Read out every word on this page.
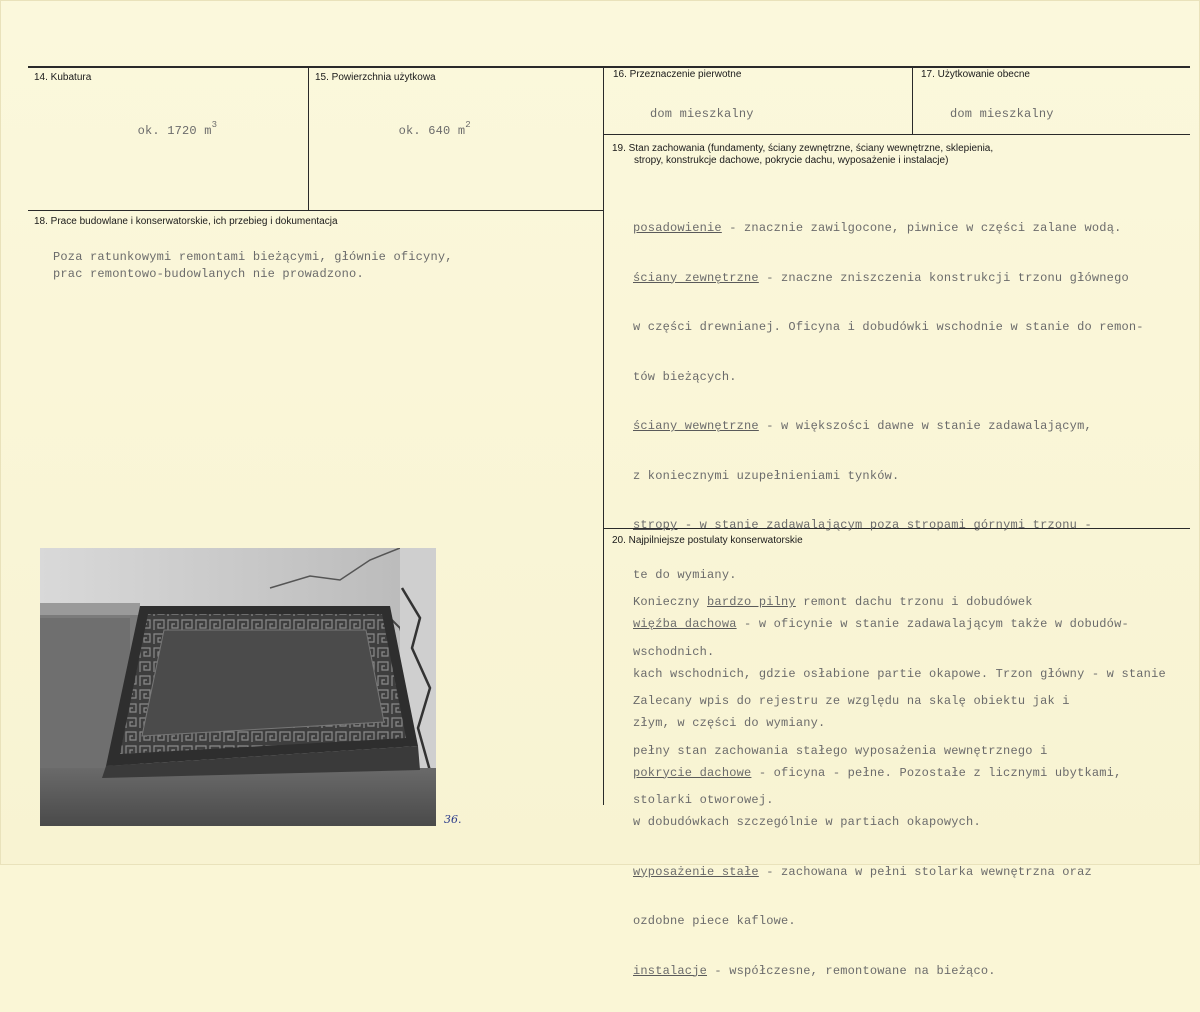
14. Kubatura

ok. 1720 $m^3$

15. Powierzchnia użytkowa

ok. 640 $m^2$

16. Przeznaczenie pierwotne
dom mieszkalny
17. Użytkowanie obecne
dom mieszkalny
18. Prace budowlane i konserwatorskie, ich przebieg i dokumentacja
Poza ratunkowymi remontami bieżącymi, głównie oficyny,
prac remontowo-budowlanych nie prowadzono.
19. Stan zachowania (fundamenty, ściany zewnętrzne, ściany wewnętrzne, sklepienia,
stropy, konstrukcje dachowe, pokrycie dachu, wyposażenie i instalacje)

posadowienie - znacznie zawilgocone, piwnice w części zalane wodą.

ściany zewnętrzne - znaczne zniszczenia konstrukcji trzonu głównego

w części drewnianej. Oficyna i dobudówki wschodnie w stanie do remon-

tów bieżących.

ściany wewnętrzne - w większości dawne w stanie zadawalającym,

z koniecznymi uzupełnieniami tynków.

stropy - w stanie zadawalającym poza stropami górnymi trzonu -

te do wymiany.

więźba dachowa - w oficynie w stanie zadawalającym także w dobudów-

kach wschodnich, gdzie osłabione partie okapowe. Trzon główny - w stanie

złym, w części do wymiany.

pokrycie dachowe - oficyna - pełne. Pozostałe z licznymi ubytkami,

w dobudówkach szczególnie w partiach okapowych.

wyposażenie stałe - zachowana w pełni stolarka wewnętrzna oraz

ozdobne piece kaflowe.

instalacje - współczesne, remontowane na bieżąco.

20. Najpilniejsze postulaty konserwatorskie

Konieczny bardzo pilny remont dachu trzonu i dobudówek

wschodnich.

Zalecany wpis do rejestru ze względu na skalę obiektu jak i

pełny stan zachowania stałego wyposażenia wewnętrznego i

stolarki otworowej.

36.
